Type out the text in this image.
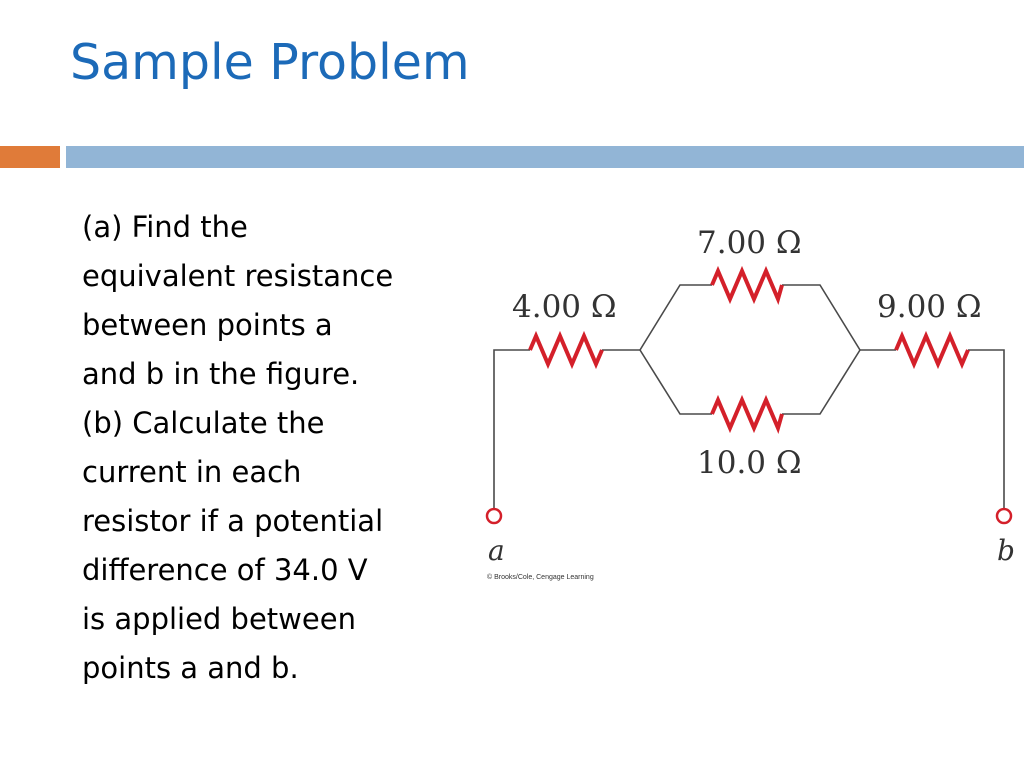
Sample Problem

(a) Find the
equivalent resistance
between points a
and b in the figure.
(b) Calculate the
current in each
resistor if a potential
difference of 34.0 V
is applied between
points a and b.

4.00 Ω
7.00 Ω
10.0 Ω
9.00 Ω
a	b
© Brooks/Cole, Cengage Learning
